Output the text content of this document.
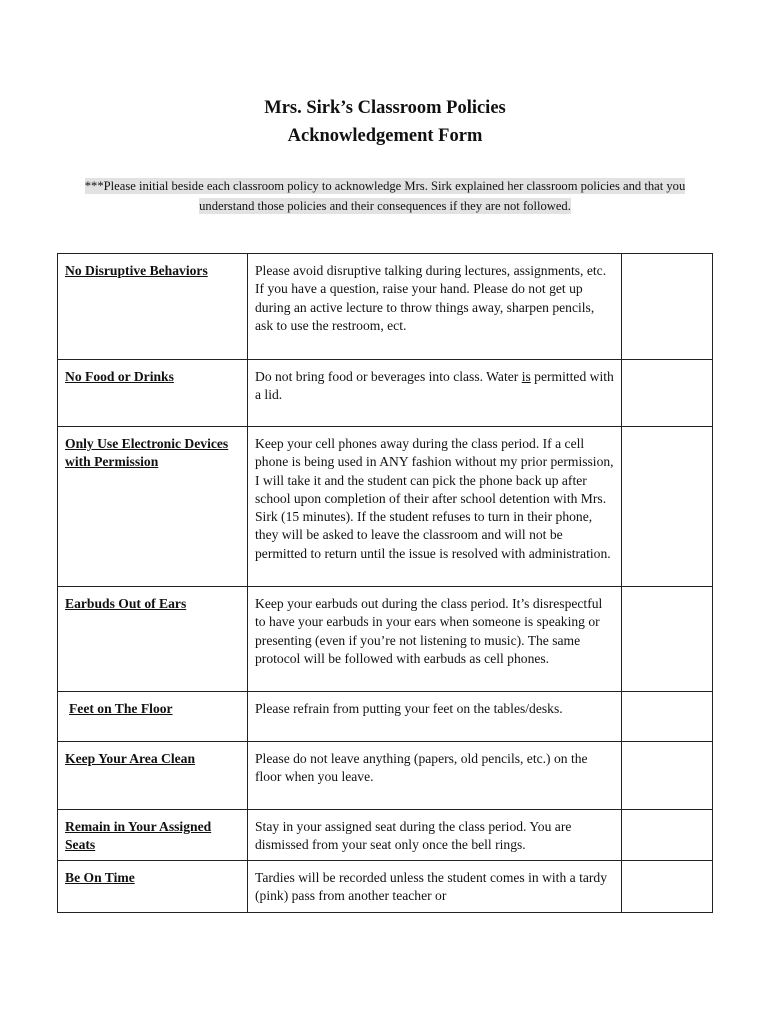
Mrs. Sirk’s Classroom Policies
Acknowledgement Form
***Please initial beside each classroom policy to acknowledge Mrs. Sirk explained her classroom policies and that you understand those policies and their consequences if they are not followed.
No Disruptive Behaviors	Please avoid disruptive talking during lectures, assignments, etc. If you have a question, raise your hand. Please do not get up during an active lecture to throw things away, sharpen pencils, ask to use the restroom, ect.	
No Food or Drinks	Do not bring food or beverages into class. Water is permitted with a lid.	
Only Use Electronic Devices with Permission	Keep your cell phones away during the class period. If a cell phone is being used in ANY fashion without my prior permission, I will take it and the student can pick the phone back up after school upon completion of their after school detention with Mrs. Sirk (15 minutes). If the student refuses to turn in their phone, they will be asked to leave the classroom and will not be permitted to return until the issue is resolved with administration.	
Earbuds Out of Ears	Keep your earbuds out during the class period. It’s disrespectful to have your earbuds in your ears when someone is speaking or presenting (even if you’re not listening to music). The same protocol will be followed with earbuds as cell phones.	
Feet on The Floor	Please refrain from putting your feet on the tables/desks.	
Keep Your Area Clean	Please do not leave anything (papers, old pencils, etc.) on the floor when you leave.	
Remain in Your Assigned Seats	Stay in your assigned seat during the class period. You are dismissed from your seat only once the bell rings.	
Be On Time	Tardies will be recorded unless the student comes in with a tardy (pink) pass from another teacher or	
